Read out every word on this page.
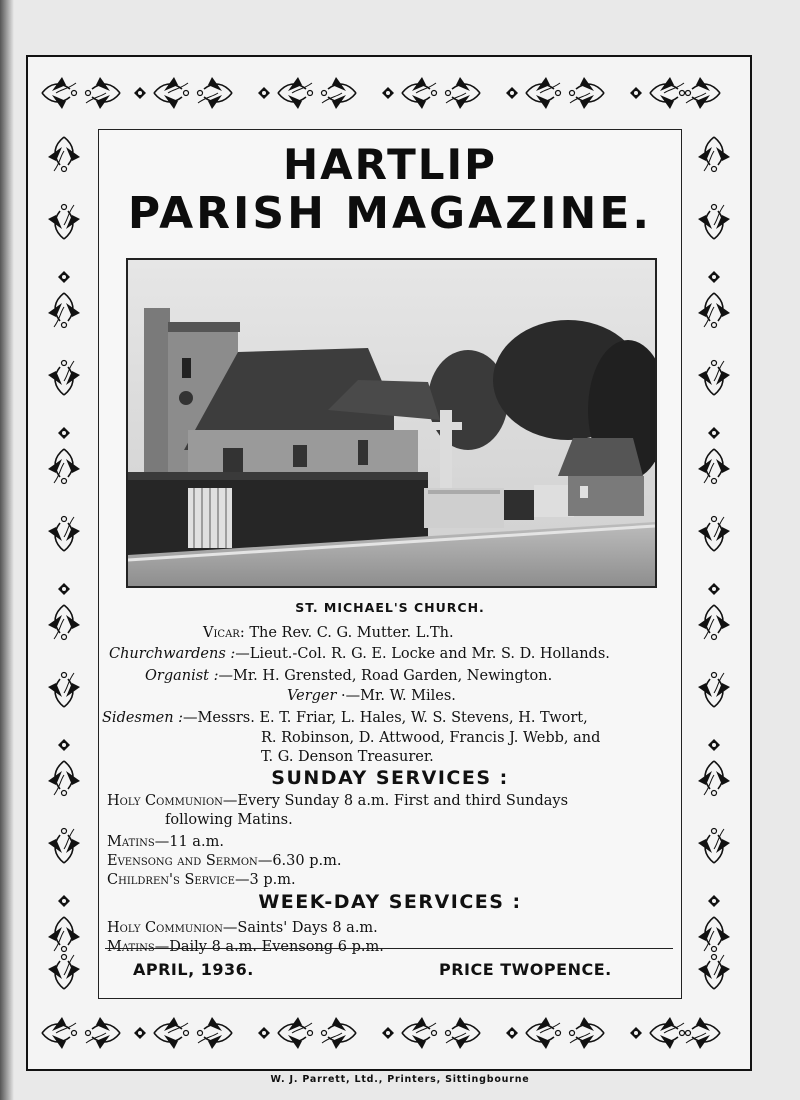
HARTLIP
PARISH MAGAZINE.
ST. MICHAEL'S CHURCH.
Vicar: The Rev. C. G. Mutter. L.Th.
Churchwardens :—Lieut.-Col. R. G. E. Locke and Mr. S. D. Hollands.
Organist :—Mr. H. Grensted, Road Garden, Newington.
Verger ·—Mr. W. Miles.
Sidesmen :—Messrs. E. T. Friar, L. Hales, W. S. Stevens, H. Twort,
R. Robinson, D. Attwood, Francis J. Webb, and
T. G. Denson Treasurer.
SUNDAY SERVICES :
Holy Communion—Every Sunday 8 a.m. First and third Sundays
following Matins.
Matins—11 a.m.
Evensong and Sermon—6.30 p.m.
Children's Service—3 p.m.
WEEK-DAY SERVICES :
Holy Communion—Saints' Days 8 a.m.
Matins—Daily 8 a.m. Evensong 6 p.m.
APRIL, 1936.	PRICE TWOPENCE.
W. J. Parrett, Ltd., Printers, Sittingbourne
